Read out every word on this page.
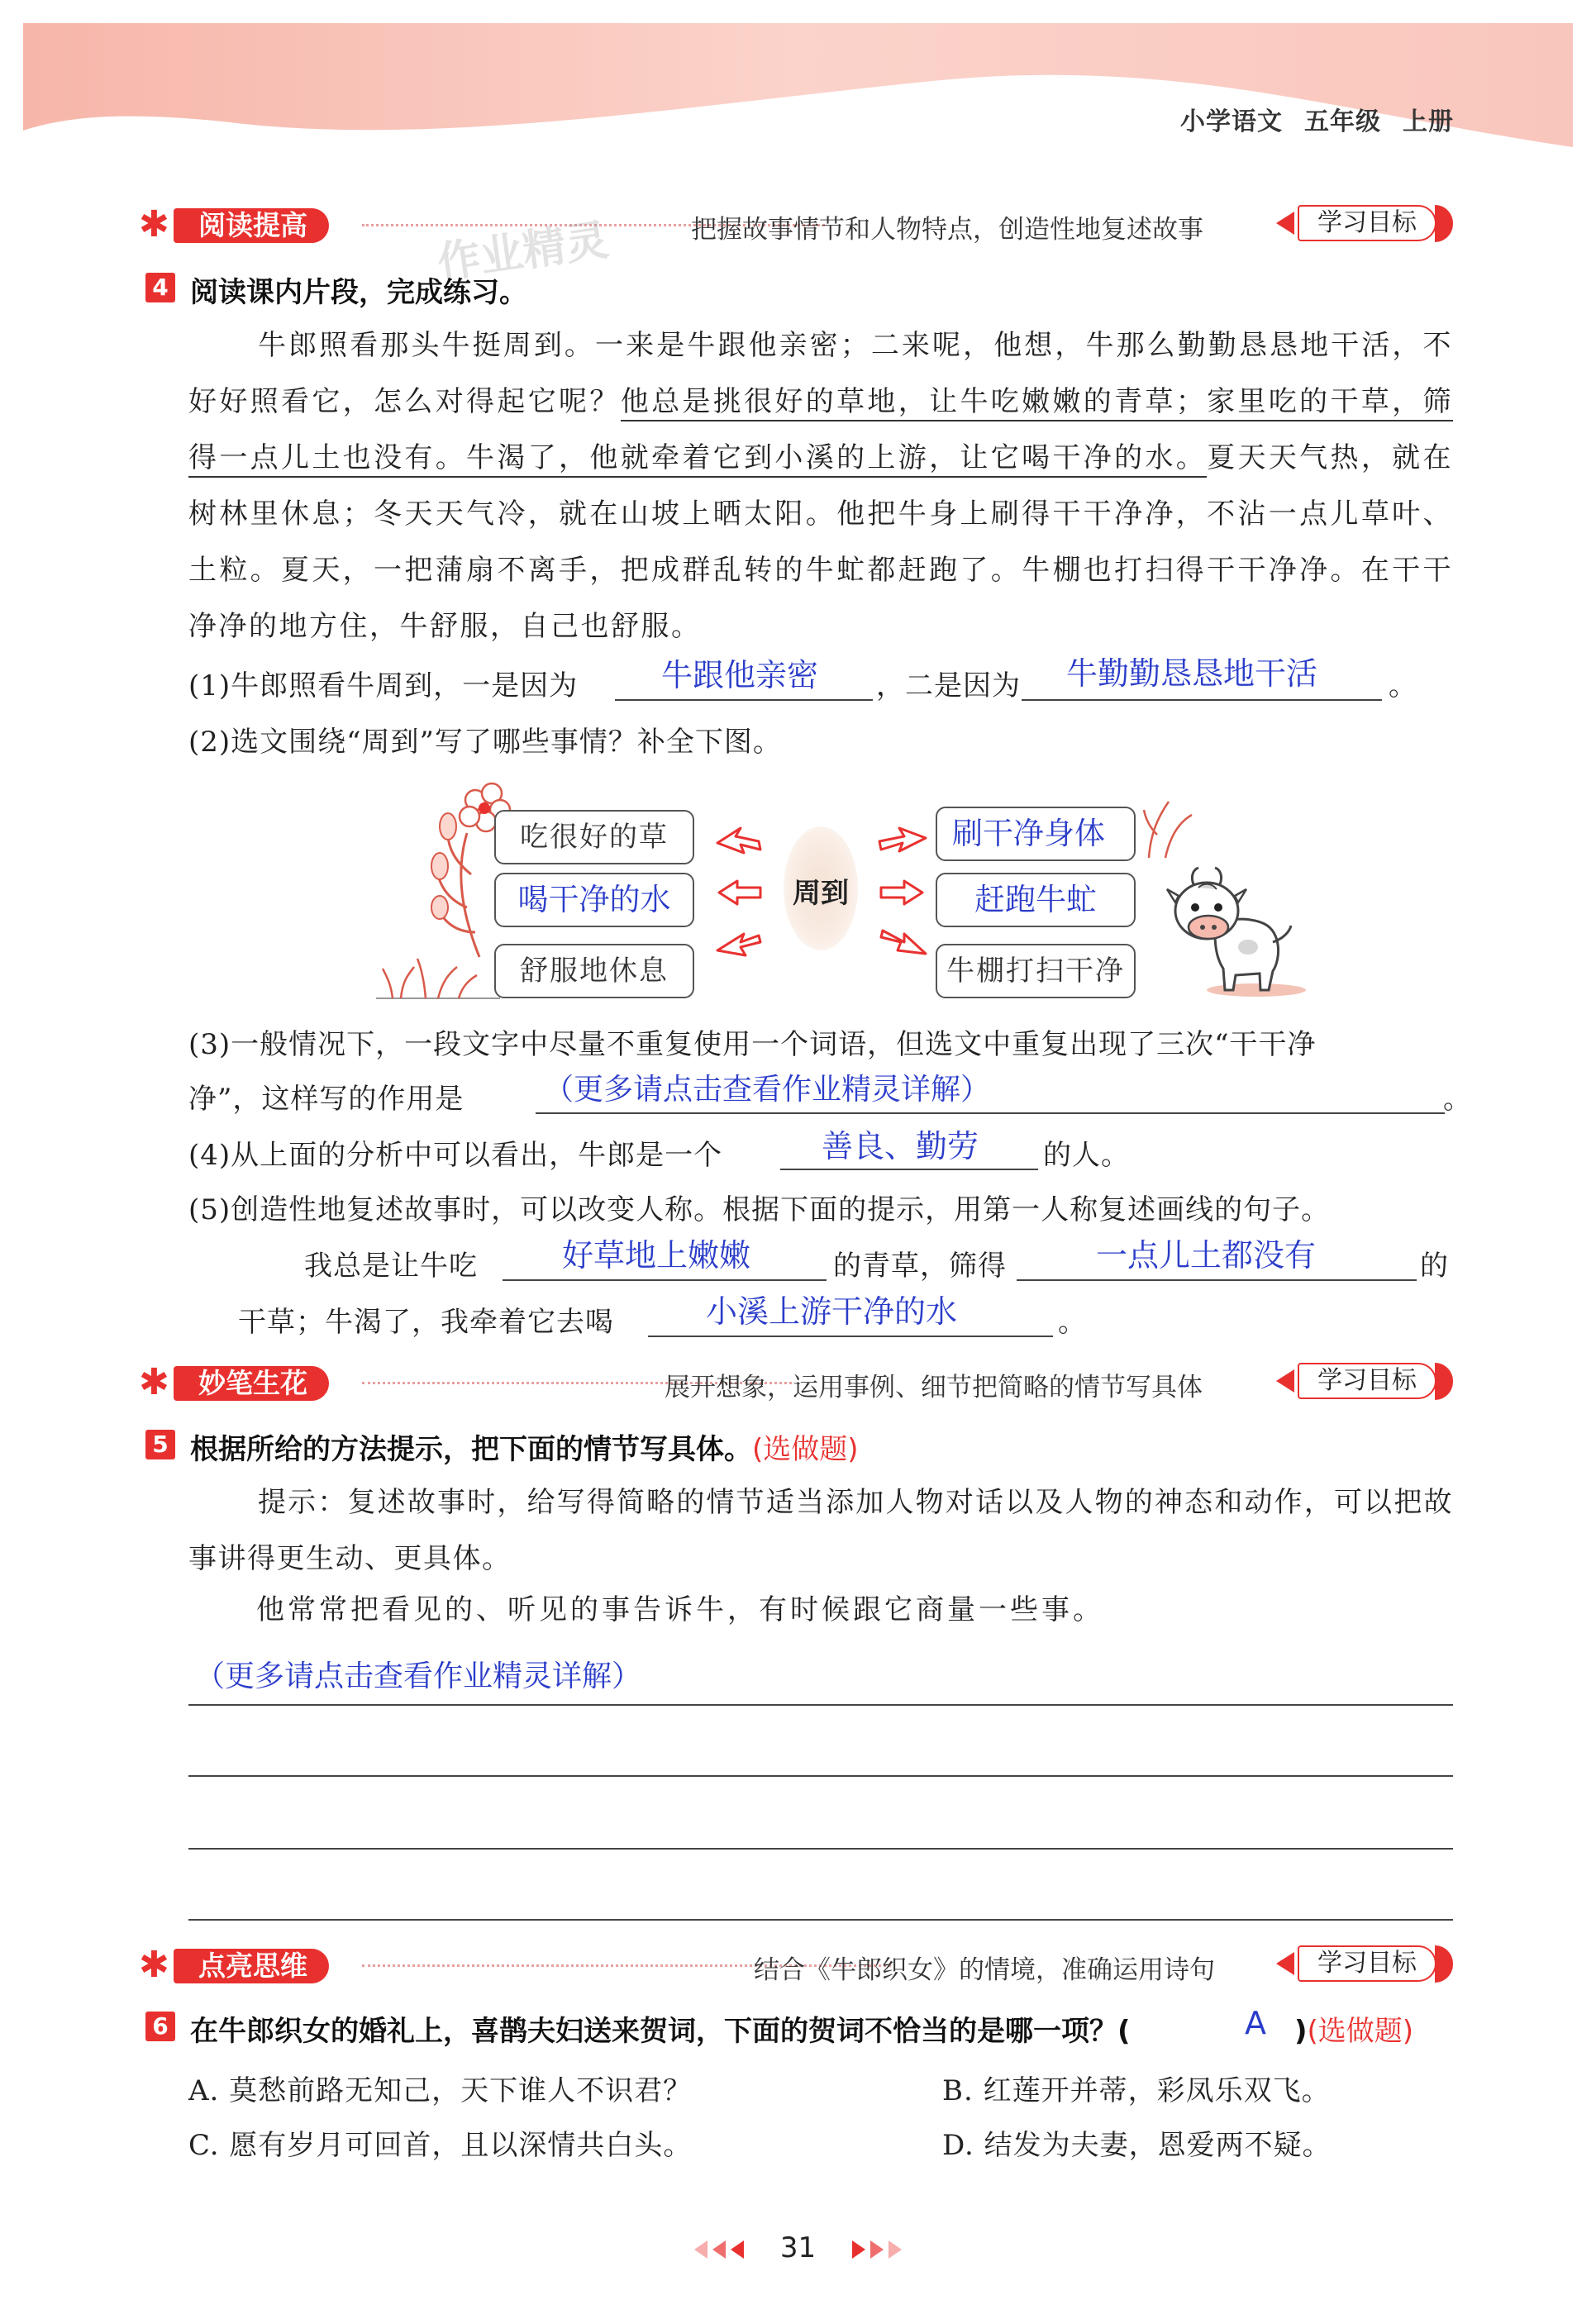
小学语文 五年级 上册
✱	阅读提高	把握故事情节和人物特点，创造性地复述故事	学习目标
作业精灵
4 阅读课内片段，完成练习。
牛郎照看那头牛挺周到。一来是牛跟他亲密；二来呢，他想，牛那么勤勤恳恳地干活，不好好照看它，怎么对得起它呢？他总是挑很好的草地，让牛吃嫩嫩的青草；家里吃的干草，筛得一点儿土也没有。牛渴了，他就牵着它到小溪的上游，让它喝干净的水。夏天天气热，就在树林里休息；冬天天气冷，就在山坡上晒太阳。他把牛身上刷得干干净净，不沾一点儿草叶、土粒。夏天，一把蒲扇不离手，把成群乱转的牛虻都赶跑了。牛棚也打扫得干干净净。在干干净净的地方住，牛舒服，自己也舒服。
(1)牛郎照看牛周到，一是因为	牛跟他亲密 ，二是因为 牛勤勤恳恳地干活	。
(2)选文围绕“周到”写了哪些事情？补全下图。
吃很好的草
喝干净的水
舒服地休息
刷干净身体
赶跑牛虻
牛棚打扫干净
周到
(3)一般情况下，一段文字中尽量不重复使用一个词语，但选文中重复出现了三次“干干净
净”，这样写的作用是	（更多请点击查看作业精灵详解）	。
(4)从上面的分析中可以看出，牛郎是一个	善良、勤劳 的人。
(5)创造性地复述故事时，可以改变人称。根据下面的提示，用第一人称复述画线的句子。
我总是让牛吃	好草地上嫩嫩	的青草，筛得	一点儿土都没有	的
干草；牛渴了，我牵着它去喝	小溪上游干净的水	。
✱	妙笔生花	展开想象，运用事例、细节把简略的情节写具体	学习目标
5 根据所给的方法提示，把下面的情节写具体。(选做题)
提示：复述故事时，给写得简略的情节适当添加人物对话以及人物的神态和动作，可以把故事讲得更生动、更具体。
他常常把看见的、听见的事告诉牛，有时候跟它商量一些事。
（更多请点击查看作业精灵详解）
✱	点亮思维	结合《牛郎织女》的情境，准确运用诗句	学习目标
6 在牛郎织女的婚礼上，喜鹊夫妇送来贺词，下面的贺词不恰当的是哪一项？(	A )(选做题)
A. 莫愁前路无知己，天下谁人不识君？	B. 红莲开并蒂，彩凤乐双飞。
C. 愿有岁月可回首，且以深情共白头。	D. 结发为夫妻，恩爱两不疑。
31
